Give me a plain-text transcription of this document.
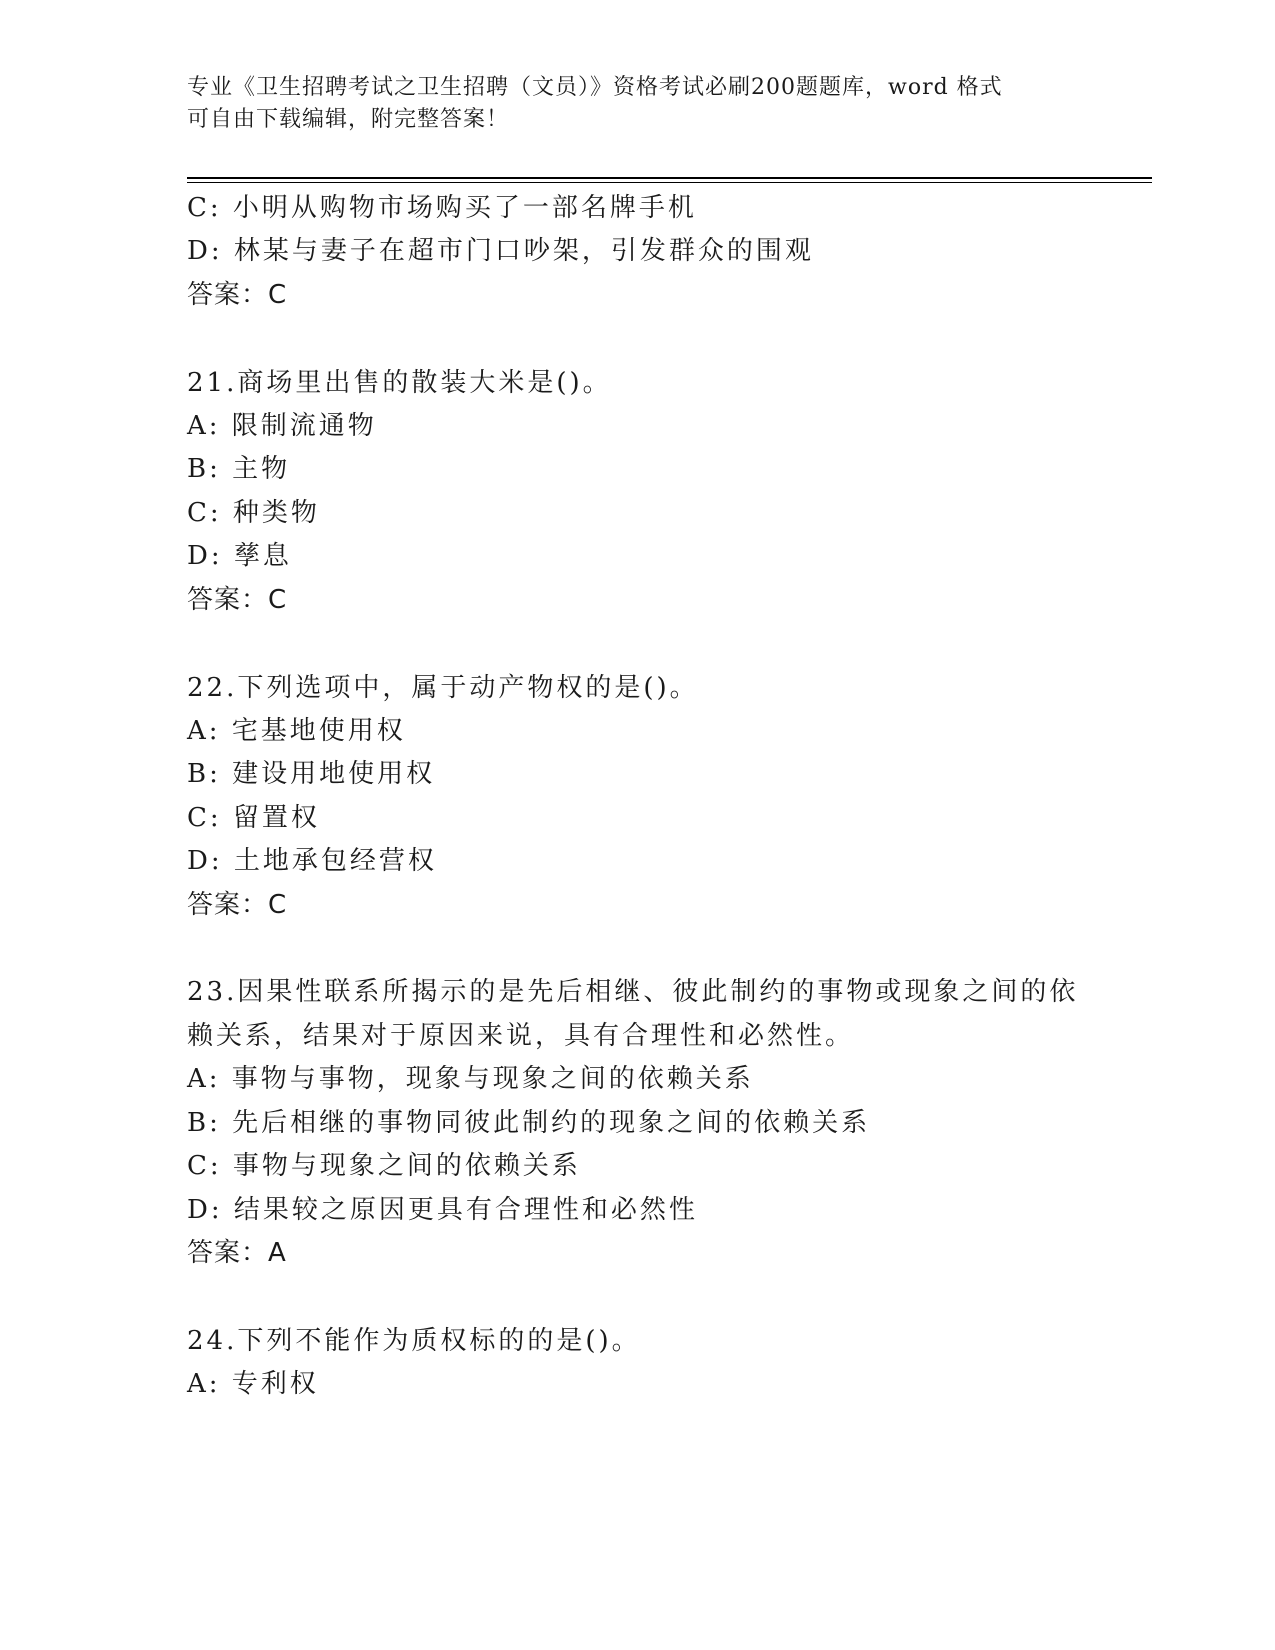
专业《卫生招聘考试之卫生招聘（文员）》资格考试必刷200题题库，word 格式
可自由下载编辑，附完整答案！
C: 小明从购物市场购买了一部名牌手机
D: 林某与妻子在超市门口吵架，引发群众的围观
答案：C
21.商场里出售的散装大米是()。
A: 限制流通物
B: 主物
C: 种类物
D: 孳息
答案：C
22.下列选项中，属于动产物权的是()。
A: 宅基地使用权
B: 建设用地使用权
C: 留置权
D: 土地承包经营权
答案：C
23.因果性联系所揭示的是先后相继、彼此制约的事物或现象之间的依
赖关系，结果对于原因来说，具有合理性和必然性。
A: 事物与事物，现象与现象之间的依赖关系
B: 先后相继的事物同彼此制约的现象之间的依赖关系
C: 事物与现象之间的依赖关系
D: 结果较之原因更具有合理性和必然性
答案：A
24.下列不能作为质权标的的是()。
A: 专利权
